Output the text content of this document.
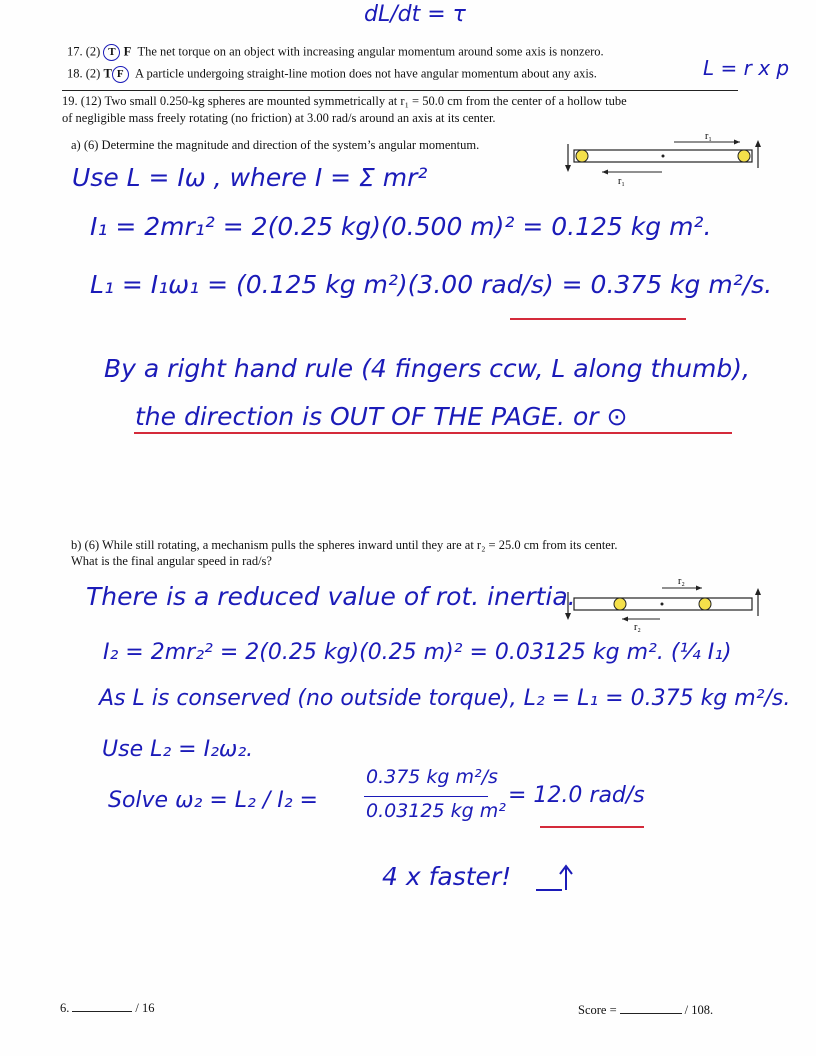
dL/dt = τ
17. (2) T F The net torque on an object with increasing angular momentum around some axis is nonzero.
18. (2) T F A particle undergoing straight-line motion does not have angular momentum about any axis.	L = r x p
19. (12) Two small 0.250-kg spheres are mounted symmetrically at r₁ = 50.0 cm from the center of a hollow tube
of negligible mass freely rotating (no friction) at 3.00 rad/s around an axis at its center.
a) (6) Determine the magnitude and direction of the system’s angular momentum.
r₁
r₁
Use L = Iω , where I = Σ mr²
I₁ = 2mr₁² = 2(0.25 kg)(0.500 m)² = 0.125 kg m².
L₁ = I₁ω₁ = (0.125 kg m²)(3.00 rad/s) = 0.375 kg m²/s.
By a right hand rule (4 fingers ccw, L along thumb),
the direction is OUT OF THE PAGE. or ⊙
b) (6) While still rotating, a mechanism pulls the spheres inward until they are at r₂ = 25.0 cm from its center.
What is the final angular speed in rad/s?
r₂
r₂
There is a reduced value of rot. inertia.
I₂ = 2mr₂² = 2(0.25 kg)(0.25 m)² = 0.03125 kg m². (¼ I₁)
As L is conserved (no outside torque), L₂ = L₁ = 0.375 kg m²/s.
Use L₂ = I₂ω₂.
Solve ω₂ = L₂ / I₂ =
0.375 kg m²/s
0.03125 kg m²
= 12.0 rad/s
4 x faster!
6.	/ 16	Score =	/ 108.
